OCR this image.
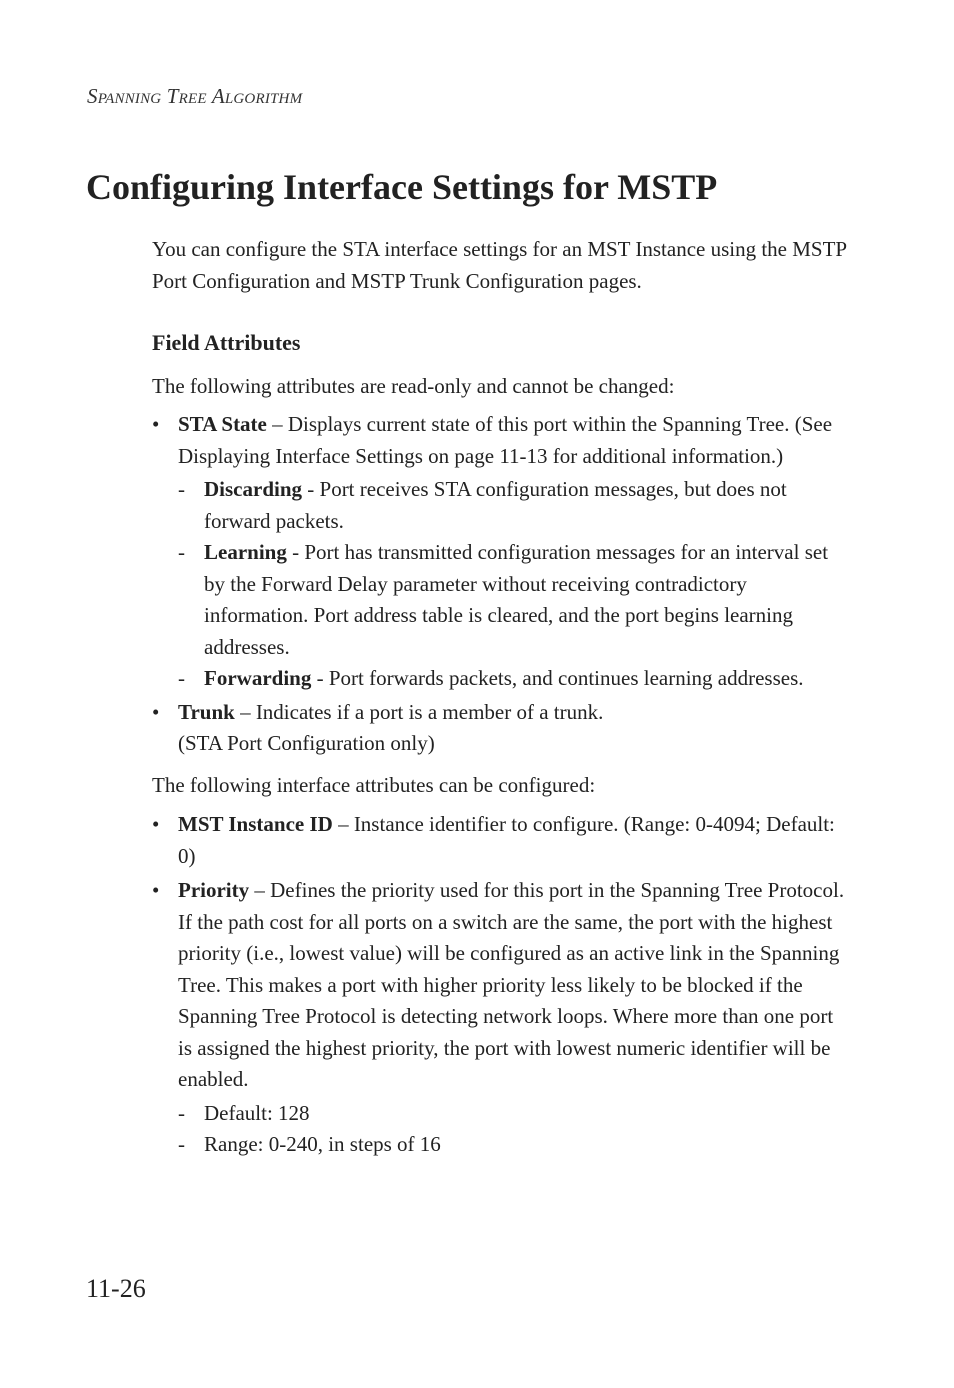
Spanning Tree Algorithm
Configuring Interface Settings for MSTP

You can configure the STA interface settings for an MST Instance using the MSTP Port Configuration and MSTP Trunk Configuration pages.

Field Attributes

The following attributes are read-only and cannot be changed:

• STA State – Displays current state of this port within the Spanning Tree. (See Displaying Interface Settings on page 11-13 for additional information.)
- Discarding - Port receives STA configuration messages, but does not forward packets.
- Learning - Port has transmitted configuration messages for an interval set by the Forward Delay parameter without receiving contradictory information. Port address table is cleared, and the port begins learning addresses.
- Forwarding - Port forwards packets, and continues learning addresses.
• Trunk – Indicates if a port is a member of a trunk.
(STA Port Configuration only)

The following interface attributes can be configured:

• MST Instance ID – Instance identifier to configure. (Range: 0-4094; Default: 0)
• Priority – Defines the priority used for this port in the Spanning Tree Protocol. If the path cost for all ports on a switch are the same, the port with the highest priority (i.e., lowest value) will be configured as an active link in the Spanning Tree. This makes a port with higher priority less likely to be blocked if the Spanning Tree Protocol is detecting network loops. Where more than one port is assigned the highest priority, the port with lowest numeric identifier will be enabled.
- Default: 128
- Range: 0-240, in steps of 16
11-26
